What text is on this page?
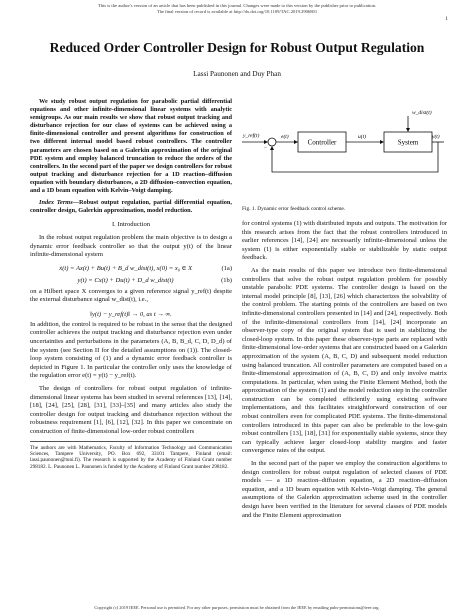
This is the author's version of an article that has been published in this journal. Changes were made to this version by the publisher prior to publication.
The final version of record is available at http://dx.doi.org/10.1109/TAC.2019.2906801
1
Reduced Order Controller Design for Robust Output Regulation
Lassi Paunonen and Duy Phan

We study robust output regulation for parabolic partial differential equations and other infinite-dimensional linear systems with analytic semigroups. As our main results we show that robust output tracking and disturbance rejection for our class of systems can be achieved using a finite-dimensional controller and present algorithms for construction of two different internal model based robust controllers. The controller parameters are chosen based on a Galerkin approximation of the original PDE system and employ balanced truncation to reduce the orders of the controllers. In the second part of the paper we design controllers for robust output tracking and disturbance rejection for a 1D reaction–diffusion equation with boundary disturbances, a 2D diffusion–convection equation, and a 1D beam equation with Kelvin–Voigt damping.

Index Terms—Robust output regulation, partial differential equation, controller design, Galerkin approximation, model reduction.

I. Introduction

In the robust output regulation problem the main objective is to design a dynamic error feedback controller so that the output y(t) of the linear infinite-dimensional system

ẋ(t) = Ax(t) + Bu(t) + B_d w_dist(t), x(0) = x₀ ∈ X	(1a)
y(t) = Cx(t) + Du(t) + D_d w_dist(t)	(1b)

on a Hilbert space X converges to a given reference signal y_ref(t) despite the external disturbance signal w_dist(t), i.e.,

‖y(t) − y_ref(t)‖ → 0, as t → ∞.

In addition, the control is required to be robust in the sense that the designed controller achieves the output tracking and disturbance rejection even under uncertainties and perturbations in the parameters (A, B, B_d, C, D, D_d) of the system (see Section II for the detailed assumptions on (1)). The closed-loop system consisting of (1) and a dynamic error feedback controller is depicted in Figure 1. In particular the controller only uses the knowledge of the regulation error e(t) = y(t) − y_ref(t).

The design of controllers for robust output regulation of infinite-dimensional linear systems has been studied in several references [13], [14], [18], [24], [25], [28], [31], [33]–[35] and many articles also study the controller design for output tracking and disturbance rejection without the robustness requirement [1], [6], [12], [32]. In this paper we concentrate on construction of finite-dimensional low-order robust controllers

The authors are with Mathematics, Faculty of Information Technology and Communication Sciences, Tampere University, PO. Box 692, 33101 Tampere, Finland (email: lassi.paunonen@tuni.fi). The research is supported by the Academy of Finland Grant number 298182. L. Paunonen L. Paunonen is funded by the Academy of Finland Grant number 298182.
−
y_ref(t)	e(t)
w_dist(t)
Controller	System
u(t)	y(t)
Fig. 1. Dynamic error feedback control scheme.

for control systems (1) with distributed inputs and outputs. The motivation for this research arises from the fact that the robust controllers introduced in earlier references [14], [24] are necessarily infinite-dimensional unless the system (1) is either exponentially stable or stabilizable by static output feedback.

As the main results of this paper we introduce two finite-dimensional controllers that solve the robust output regulation problem for possibly unstable parabolic PDE systems. The controller design is based on the internal model principle [8], [13], [26] which characterizes the solvability of the control problem. The starting points of the controllers are based on two infinite-dimensional controllers presented in [14] and [24], respectively. Both of the infinite-dimensional controllers from [14], [24] incorporate an observer-type copy of the original system that is used in stabilizing the closed-loop system. In this paper these observer-type parts are replaced with finite-dimensional low-order systems that are constructed based on a Galerkin approximation of the system (A, B, C, D) and subsequent model reduction using balanced truncation. All controller parameters are computed based on a finite-dimensional approximation of (A, B, C, D) and only involve matrix computations. In particular, when using the Finite Element Method, both the approximation of the system (1) and the model reduction step in the controller construction can be completed efficiently using existing software implementations, and this facilitates straightforward construction of our robust controllers even for complicated PDE systems. The finite-dimensional controllers introduced in this paper can also be preferable to the low-gain robust controllers [13], [18], [31] for exponentially stable systems, since they can typically achieve larger closed-loop stability margins and faster convergence rates of the output.

In the second part of the paper we employ the construction algorithms to design controllers for robust output regulation of selected classes of PDE models — a 1D reaction–diffusion equation, a 2D reaction–diffusion equation, and a 1D beam equation with Kelvin–Voigt damping. The general assumptions of the Galerkin approximation scheme used in the controller design have been verified in the literature for several classes of PDE models and the Finite Element approximation

Copyright (c) 2019 IEEE. Personal use is permitted. For any other purposes, permission must be obtained from the IEEE by emailing pubs-permissions@ieee.org.
